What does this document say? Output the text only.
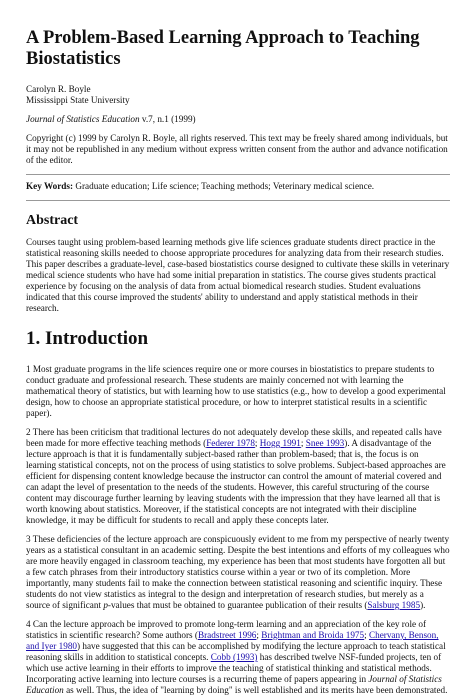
A Problem-Based Learning Approach to Teaching Biostatistics

Carolyn R. Boyle

Mississippi State University

Journal of Statistics Education v.7, n.1 (1999)

Copyright (c) 1999 by Carolyn R. Boyle, all rights reserved. This text may be freely shared among individuals, but it may not be republished in any medium without express written consent from the author and advance notification of the editor.

Key Words: Graduate education; Life science; Teaching methods; Veterinary medical science.

Abstract

Courses taught using problem-based learning methods give life sciences graduate students direct practice in the statistical reasoning skills needed to choose appropriate procedures for analyzing data from their research studies. This paper describes a graduate-level, case-based biostatistics course designed to cultivate these skills in veterinary medical science students who have had some initial preparation in statistics. The course gives students practical experience by focusing on the analysis of data from actual biomedical research studies. Student evaluations indicated that this course improved the students' ability to understand and apply statistical methods in their research.

1. Introduction

1 Most graduate programs in the life sciences require one or more courses in biostatistics to prepare students to conduct graduate and professional research. These students are mainly concerned not with learning the mathematical theory of statistics, but with learning how to use statistics (e.g., how to develop a good experimental design, how to choose an appropriate statistical procedure, or how to interpret statistical results in a scientific paper).

2 There has been criticism that traditional lectures do not adequately develop these skills, and repeated calls have been made for more effective teaching methods (Federer 1978; Hogg 1991; Snee 1993). A disadvantage of the lecture approach is that it is fundamentally subject-based rather than problem-based; that is, the focus is on learning statistical concepts, not on the process of using statistics to solve problems. Subject-based approaches are efficient for dispensing content knowledge because the instructor can control the amount of material covered and can adapt the level of presentation to the needs of the students. However, this careful structuring of the course content may discourage further learning by leaving students with the impression that they have learned all that is worth knowing about statistics. Moreover, if the statistical concepts are not integrated with their discipline knowledge, it may be difficult for students to recall and apply these concepts later.

3 These deficiencies of the lecture approach are conspicuously evident to me from my perspective of nearly twenty years as a statistical consultant in an academic setting. Despite the best intentions and efforts of my colleagues who are more heavily engaged in classroom teaching, my experience has been that most students have forgotten all but a few catch phrases from their introductory statistics course within a year or two of its completion. More importantly, many students fail to make the connection between statistical reasoning and scientific inquiry. These students do not view statistics as integral to the design and interpretation of research studies, but merely as a source of significant p-values that must be obtained to guarantee publication of their results (Salsburg 1985).

4 Can the lecture approach be improved to promote long-term learning and an appreciation of the key role of statistics in scientific research? Some authors (Bradstreet 1996; Brightman and Broida 1975; Chervany, Benson, and Iyer 1980) have suggested that this can be accomplished by modifying the lecture approach to teach statistical reasoning skills in addition to statistical concepts. Cobb (1993) has described twelve NSF-funded projects, ten of which use active learning in their efforts to improve the teaching of statistical thinking and statistical methods. Incorporating active learning into lecture courses is a recurring theme of papers appearing in Journal of Statistics Education as well. Thus, the idea of "learning by doing" is well established and its merits have been demonstrated.
